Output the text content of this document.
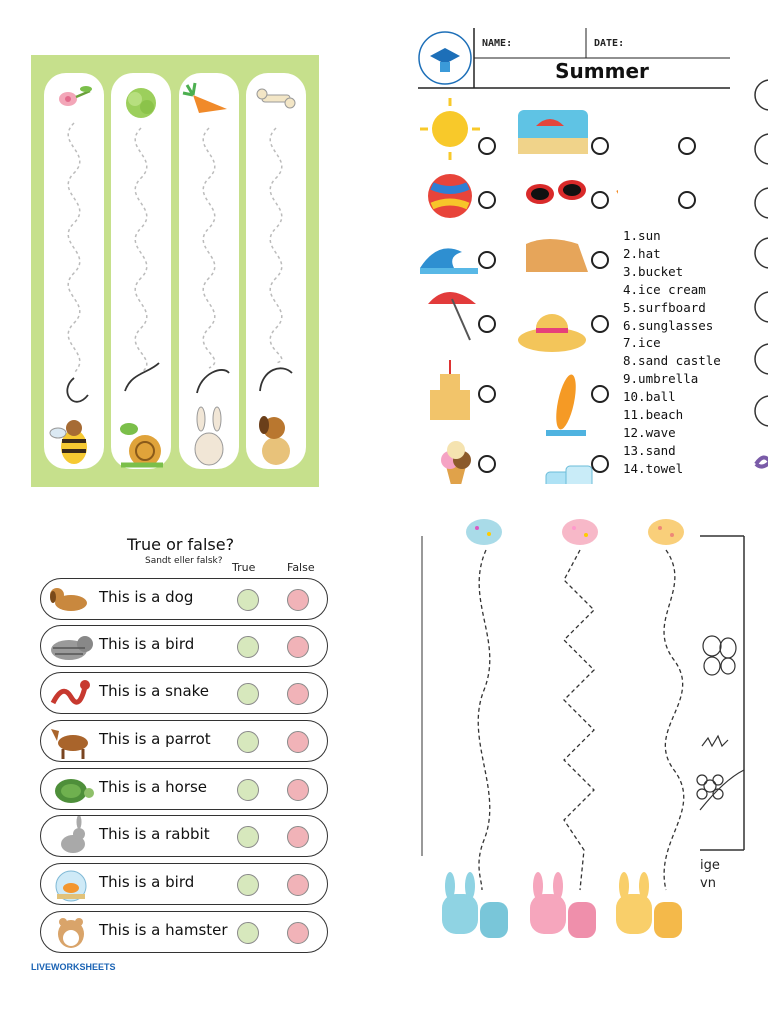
NAME:	DATE:
Summer
1.sun
2.hat
3.bucket
4.ice cream
5.surfboard
6.sunglasses
7.ice
8.sand castle
9.umbrella
10.ball
11.beach
12.wave
13.sand
14.towel
True or false?
Sandt eller falsk? True	False
This is a dog
This is a bird
This is a snake
This is a parrot
This is a horse
This is a rabbit
This is a bird
This is a hamster
LIVEWORKSHEETS
ige
vn
